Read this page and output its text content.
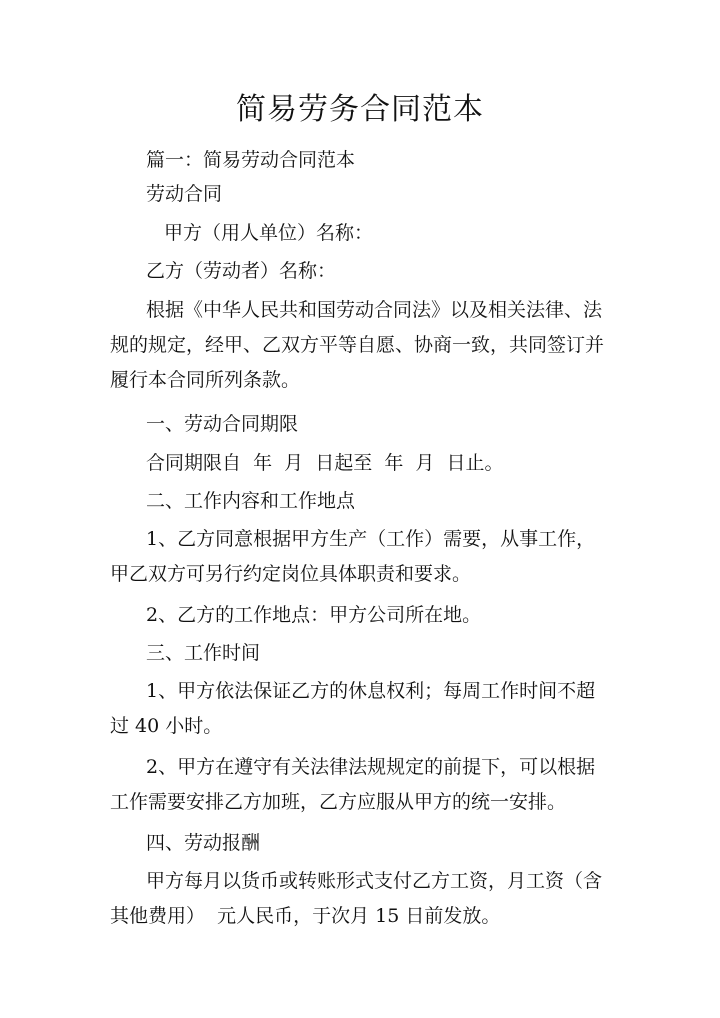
简易劳务合同范本

篇一：简易劳动合同范本

劳动合同

甲方（用人单位）名称：

乙方（劳动者）名称：

根据《中华人民共和国劳动合同法》以及相关法律、法
规的规定，经甲、乙双方平等自愿、协商一致，共同签订并
履行本合同所列条款。

一、劳动合同期限

合同期限自  年  月  日起至  年  月  日止。

二、工作内容和工作地点

1、乙方同意根据甲方生产（工作）需要，从事工作，
甲乙双方可另行约定岗位具体职责和要求。

2、乙方的工作地点：甲方公司所在地。

三、工作时间

1、甲方依法保证乙方的休息权利；每周工作时间不超
过 40 小时。

2、甲方在遵守有关法律法规规定的前提下，可以根据
工作需要安排乙方加班，乙方应服从甲方的统一安排。

四、劳动报酬

甲方每月以货币或转账形式支付乙方工资，月工资（含
其他费用）  元人民币，于次月 15 日前发放。
